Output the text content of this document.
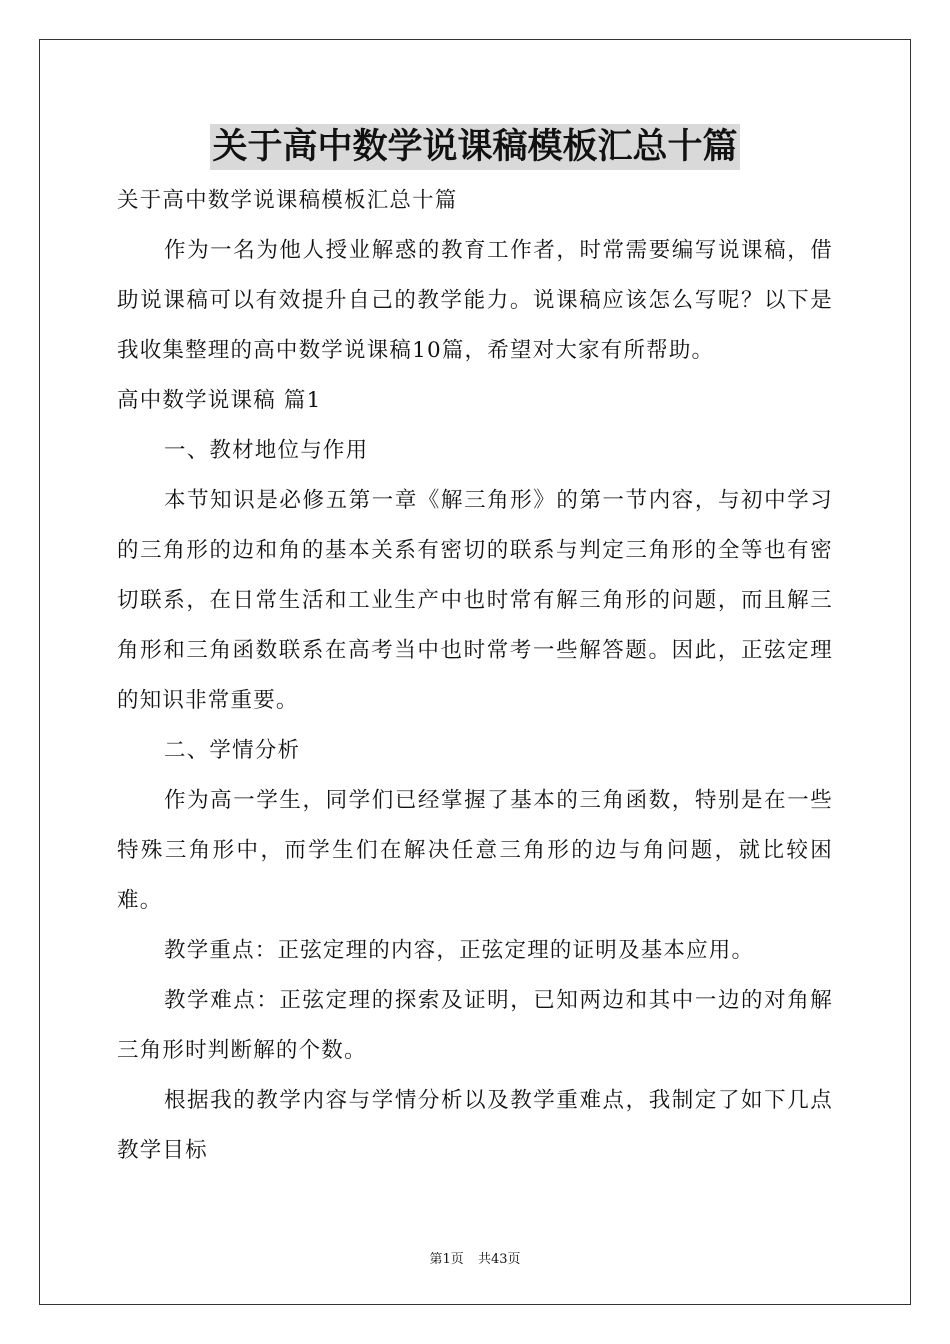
关于高中数学说课稿模板汇总十篇

关于高中数学说课稿模板汇总十篇

作为一名为他人授业解惑的教育工作者，时常需要编写说课稿，借助说课稿可以有效提升自己的教学能力。说课稿应该怎么写呢？以下是我收集整理的高中数学说课稿10篇，希望对大家有所帮助。

高中数学说课稿 篇1

一、教材地位与作用

本节知识是必修五第一章《解三角形》的第一节内容，与初中学习的三角形的边和角的基本关系有密切的联系与判定三角形的全等也有密切联系，在日常生活和工业生产中也时常有解三角形的问题，而且解三角形和三角函数联系在高考当中也时常考一些解答题。因此，正弦定理的知识非常重要。

二、学情分析

作为高一学生，同学们已经掌握了基本的三角函数，特别是在一些特殊三角形中，而学生们在解决任意三角形的边与角问题，就比较困难。

教学重点：正弦定理的内容，正弦定理的证明及基本应用。

教学难点：正弦定理的探索及证明，已知两边和其中一边的对角解三角形时判断解的个数。

根据我的教学内容与学情分析以及教学重难点，我制定了如下几点教学目标

第1页 共43页
